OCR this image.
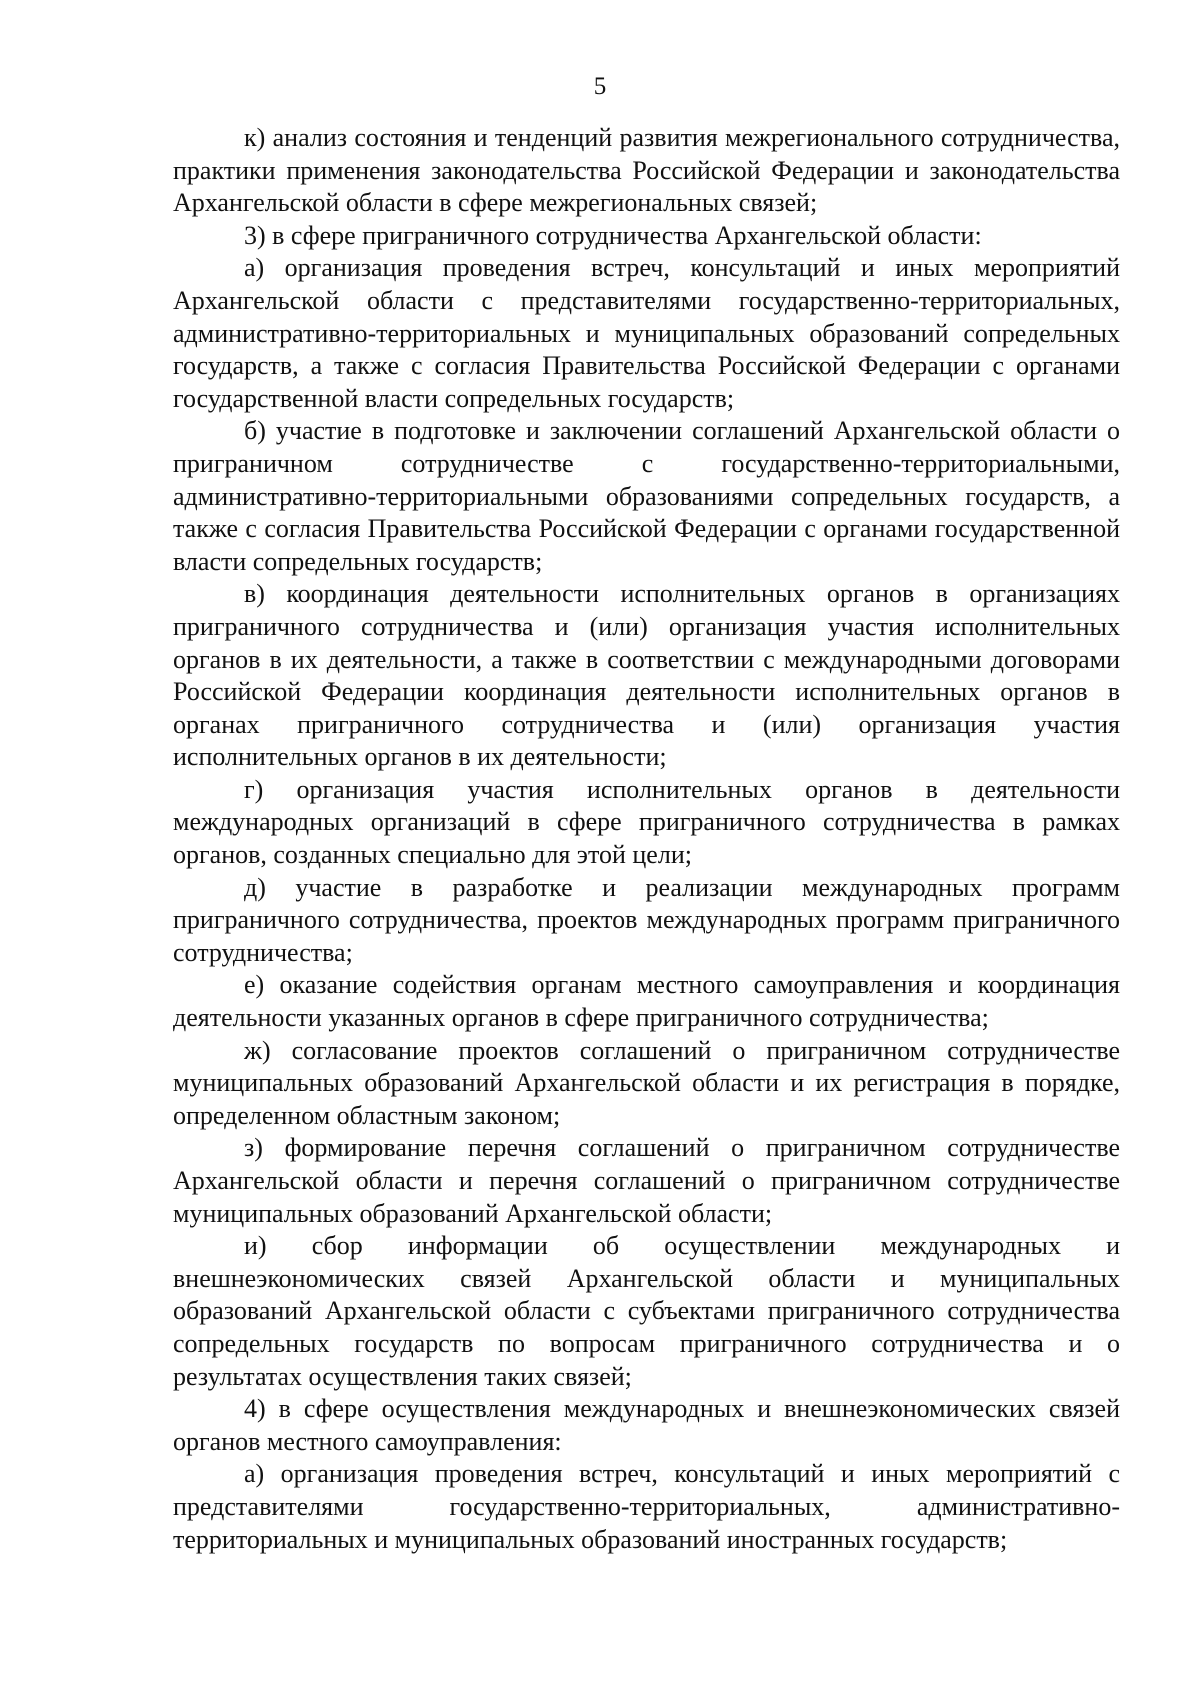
5

к) анализ состояния и тенденций развития межрегионального сотрудничества, практики применения законодательства Российской Федерации и законодательства Архангельской области в сфере межрегиональных связей;

3) в сфере приграничного сотрудничества Архангельской области:

а) организация проведения встреч, консультаций и иных мероприятий Архангельской области с представителями государственно-территориальных, административно-территориальных и муниципальных образований сопредельных государств, а также с согласия Правительства Российской Федерации с органами государственной власти сопредельных государств;

б) участие в подготовке и заключении соглашений Архангельской области о приграничном сотрудничестве с государственно-территориальными, административно-территориальными образованиями сопредельных государств, а также с согласия Правительства Российской Федерации с органами государственной власти сопредельных государств;

в) координация деятельности исполнительных органов в организациях приграничного сотрудничества и (или) организация участия исполнительных органов в их деятельности, а также в соответствии с международными договорами Российской Федерации координация деятельности исполнительных органов в органах приграничного сотрудничества и (или) организация участия исполнительных органов в их деятельности;

г) организация участия исполнительных органов в деятельности международных организаций в сфере приграничного сотрудничества в рамках органов, созданных специально для этой цели;

д) участие в разработке и реализации международных программ приграничного сотрудничества, проектов международных программ приграничного сотрудничества;

е) оказание содействия органам местного самоуправления и координация деятельности указанных органов в сфере приграничного сотрудничества;

ж) согласование проектов соглашений о приграничном сотрудничестве муниципальных образований Архангельской области и их регистрация в порядке, определенном областным законом;

з) формирование перечня соглашений о приграничном сотрудничестве Архангельской области и перечня соглашений о приграничном сотрудничестве муниципальных образований Архангельской области;

и) сбор информации об осуществлении международных и внешнеэкономических связей Архангельской области и муниципальных образований Архангельской области с субъектами приграничного сотрудничества сопредельных государств по вопросам приграничного сотрудничества и о результатах осуществления таких связей;

4) в сфере осуществления международных и внешнеэкономических связей органов местного самоуправления:

а) организация проведения встреч, консультаций и иных мероприятий с представителями государственно-территориальных, административно-территориальных и муниципальных образований иностранных государств;
